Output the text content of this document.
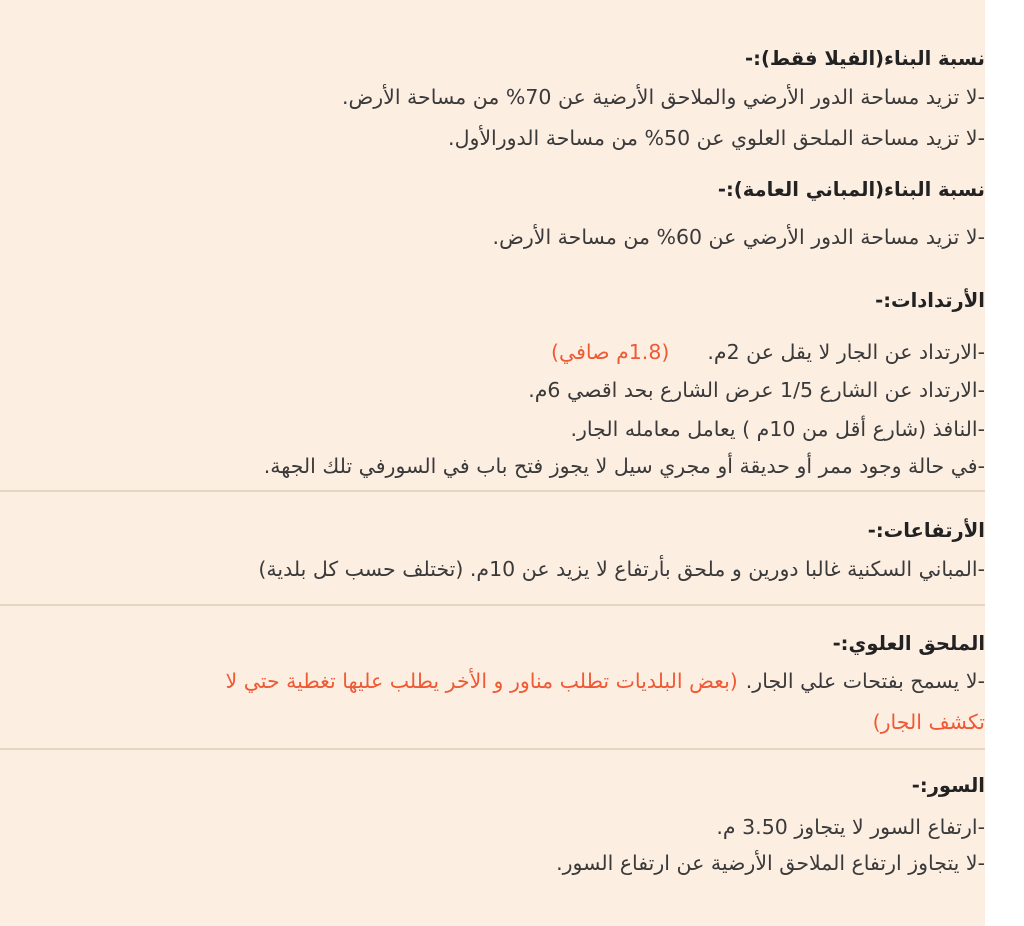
نسبة البناء(الفيلا فقط):-
-لا تزيد مساحة الدور الأرضي والملاحق الأرضية عن 70% من مساحة الأرض.
-لا تزيد مساحة الملحق العلوي عن 50% من مساحة الدورالأول.
نسبة البناء(المباني العامة):-
-لا تزيد مساحة الدور الأرضي عن 60% من مساحة الأرض.
الأرتدادات:-
-الارتداد عن الجار لا يقل عن 2م.(1.8م صافي)
-الارتداد عن الشارع 1/5 عرض الشارع بحد اقصي 6م.
-النافذ (شارع أقل من 10م ) يعامل معامله الجار.
-في حالة وجود ممر أو حديقة أو مجري سيل لا يجوز فتح باب في السورفي تلك الجهة.
الأرتفاعات:-
-المباني السكنية غالبا دورين و ملحق بأرتفاع لا يزيد عن 10م. (تختلف حسب كل بلدية)
الملحق العلوي:-
-لا يسمح بفتحات علي الجار.(بعض البلديات تطلب مناور و الأخر يطلب عليها تغطية حتي لا
تكشف الجار)
السور:-
-ارتفاع السور لا يتجاوز 3.50 م.
-لا يتجاوز ارتفاع الملاحق الأرضية عن ارتفاع السور.
